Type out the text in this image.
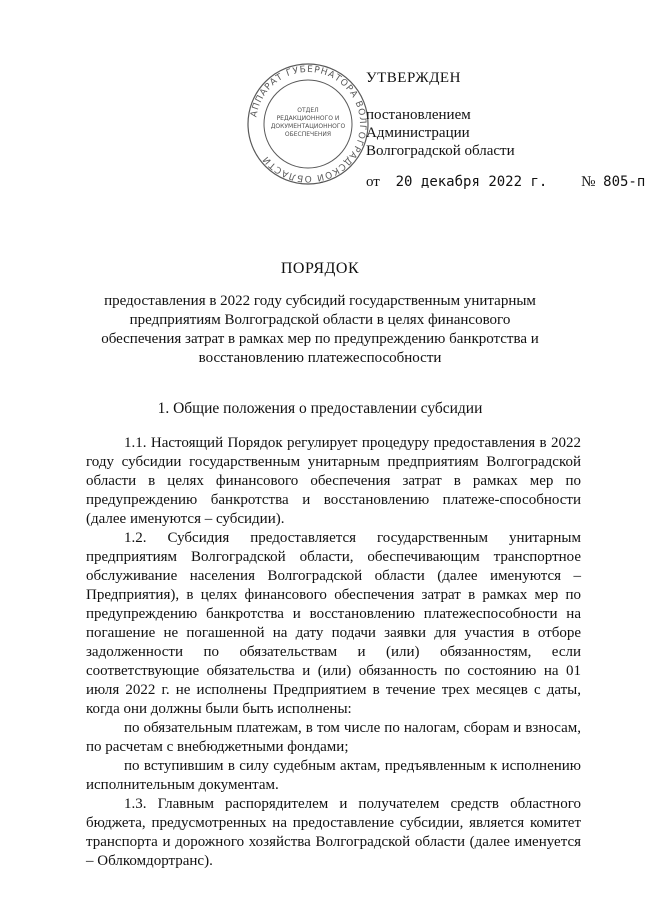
АППАРАТ ГУБЕРНАТОРА ВОЛГОГРАДСКОЙ ОБЛАСТИ
ОТДЕЛ
РЕДАКЦИОННОГО И
ДОКУМЕНТАЦИОННОГО
ОБЕСПЕЧЕНИЯ
УТВЕРЖДЕН
постановлением
Администрации
Волгоградской области
от 20 декабря 2022 г. № 805-п
ПОРЯДОК
предоставления в 2022 году субсидий государственным унитарным предприятиям Волгоградской области в целях финансового обеспечения затрат в рамках мер по предупреждению банкротства и восстановлению платежеспособности
1. Общие положения о предоставлении субсидии

1.1. Настоящий Порядок регулирует процедуру предоставления в 2022 году субсидии государственным унитарным предприятиям Волгоградской области в целях финансового обеспечения затрат в рамках мер по предупреждению банкротства и восстановлению платеже-способности (далее именуются – субсидии).

1.2. Субсидия предоставляется государственным унитарным предприятиям Волгоградской области, обеспечивающим транспортное обслуживание населения Волгоградской области (далее именуются – Предприятия), в целях финансового обеспечения затрат в рамках мер по предупреждению банкротства и восстановлению платежеспособности на погашение не погашенной на дату подачи заявки для участия в отборе задолженности по обязательствам и (или) обязанностям, если соответствующие обязательства и (или) обязанность по состоянию на 01 июля 2022 г. не исполнены Предприятием в течение трех месяцев с даты, когда они должны были быть исполнены:

по обязательным платежам, в том числе по налогам, сборам и взносам, по расчетам с внебюджетными фондами;

по вступившим в силу судебным актам, предъявленным к исполнению исполнительным документам.

1.3. Главным распорядителем и получателем средств областного бюджета, предусмотренных на предоставление субсидии, является комитет транспорта и дорожного хозяйства Волгоградской области (далее именуется – Облкомдортранс).
